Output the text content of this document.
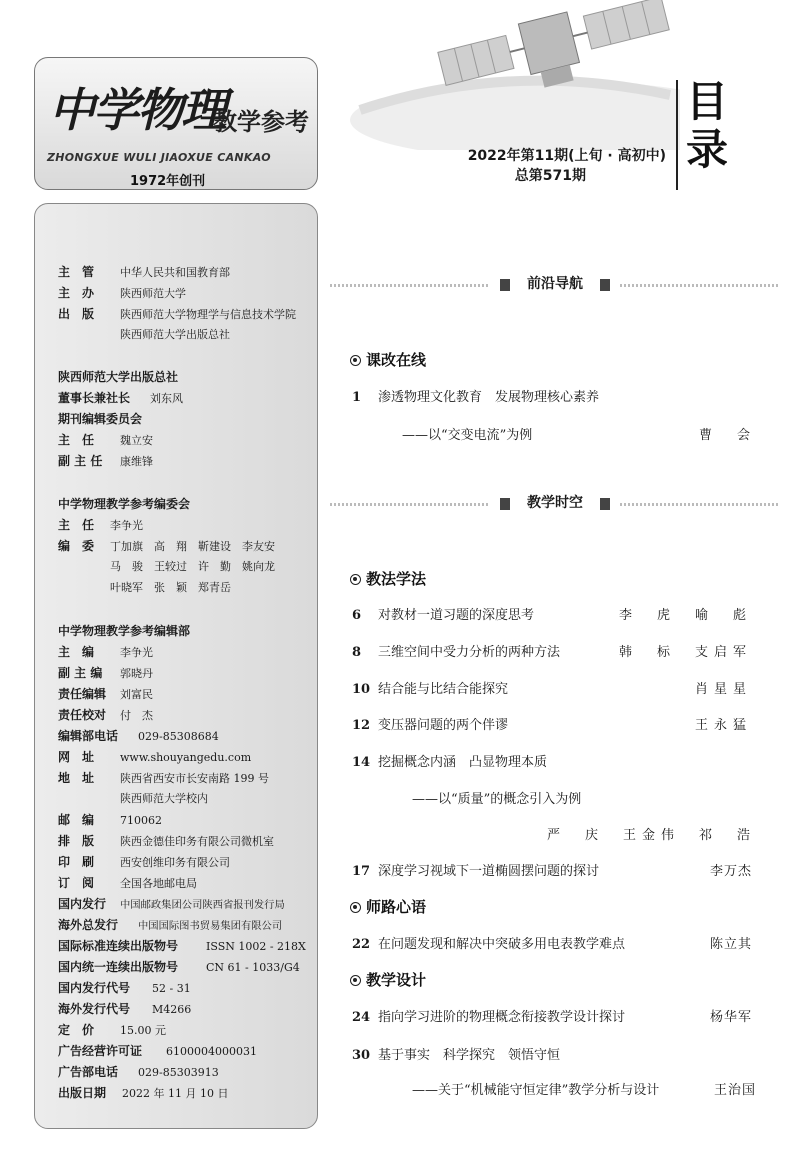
中学物理
教学参考
ZHONGXUE WULI JIAOXUE CANKAO
1972年创刊
2022年第11期(上旬 · 高初中)
总第571期
目
录
主　管 中华人民共和国教育部
主　办 陕西师范大学
出　版 陕西师范大学物理学与信息技术学院
陕西师范大学出版总社
陕西师范大学出版总社
董事长兼社长 刘东风
期刊编辑委员会
主　任 魏立安
副 主 任 康维锋
中学物理教学参考编委会
主　任 李争光
编　委 丁加旗　高　翔　靳建设　李友安
马　骏　王较过　许　勤　姚向龙
叶晓军　张　颖　郑青岳
中学物理教学参考编辑部
主　编 李争光
副 主 编 郭晓丹
责任编辑 刘富民
责任校对 付　杰
编辑部电话 029-85308684
网　址 www.shouyangedu.com
地　址 陕西省西安市长安南路 199 号
陕西师范大学校内
邮　编 710062
排　版 陕西金德佳印务有限公司微机室
印　刷 西安创维印务有限公司
订　阅 全国各地邮电局
国内发行 中国邮政集团公司陕西省报刊发行局
海外总发行 中国国际图书贸易集团有限公司
国际标准连续出版物号	ISSN 1002 - 218X
国内统一连续出版物号	CN 61 - 1033/G4
国内发行代号 52 - 31
海外发行代号 M4266
定　价 15.00 元
广告经营许可证 6100004000031
广告部电话 029-85303913
出版日期 2022 年 11 月 10 日
前沿导航
课改在线
1 渗透物理文化教育　发展物理核心素养
——以“交变电流”为例	曹　会
教学时空
教法学法
6 对教材一道习题的深度思考	李　虎　喻　彪
8 三维空间中受力分析的两种方法	韩　标　支启军
10 结合能与比结合能探究	肖星星
12 变压器问题的两个伴谬	王永猛
14 挖掘概念内涵　凸显物理本质
——以“质量”的概念引入为例
严　庆　王金伟　祁　浩
17 深度学习视域下一道椭圆摆问题的探讨	李万杰
师路心语
22 在问题发现和解决中突破多用电表教学难点	陈立其
教学设计
24 指向学习进阶的物理概念衔接教学设计探讨	杨华军
30 基于事实　科学探究　领悟守恒
——关于“机械能守恒定律”教学分析与设计	王治国
